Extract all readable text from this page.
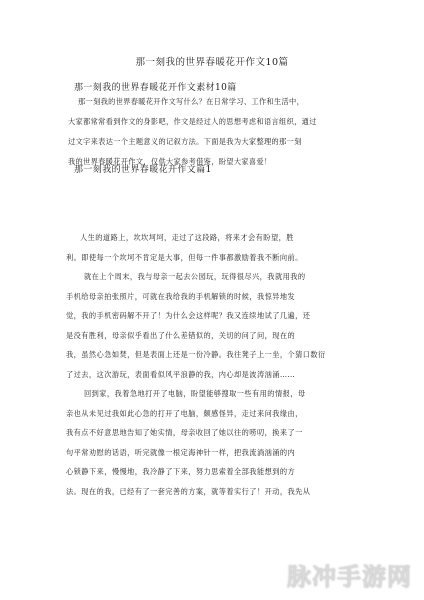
那一刻我的世界春暖花开作文10篇
那一刻我的世界春暖花开作文素材10篇
那一刻我的世界春暖花开作文写什么？在日常学习、工作和生活中，
大家都常常看到作文的身影吧，作文是经过人的思想考虑和语言组织，通过
过文字来表达一个主题意义的记叙方法。下面是我为大家整理的那一刻
我的世界春暖花开作文，仅供大家参考借鉴，盼望大家喜爱！
那一刻我的世界春暖花开作文篇1
人生的道路上，坎坎坷坷，走过了这段路，将来才会有盼望，胜
利。即使每一个坎坷不肯定是大事，但每一件事都激励着我不断向前。
就在上个周末，我与母亲一起去公园玩，玩得很尽兴，我就用我的
手机给母亲拍张照片，可就在我给我的手机解锁的时候，我惊异地发
觉，我的手机密码解不开了！为什么会这样呢？我又连续地试了几遍，还
是没有胜利，母亲似乎看出了什么差错似的，关切的问了问，现在的
我，虽然心急如焚，但是表面上还是一份冷静。我往凳子上一坐，个猜口数衍
了过去，这次游玩，表面看似风平浪静的我，内心却是波涛汹涌……
回到家，我着急地打开了电脑，盼望能够搜取一些有用的情报，母
亲也从未见过我如此心急的打开了电脑，颇感怪异，走过来问我缘由，
我有点不好意思地告知了她实情，母亲收回了她以往的唠叨，换来了一
句平常劝慰的话语，听完就像一根定海神针一样，把我流淌汹涌的内
心锁静下来，慢慢地，我冷静了下来，努力思索着全部我能想到的方
法。现在的我，已经有了一套完善的方案，就等着实行了！开动，我先从
脉冲手游网
